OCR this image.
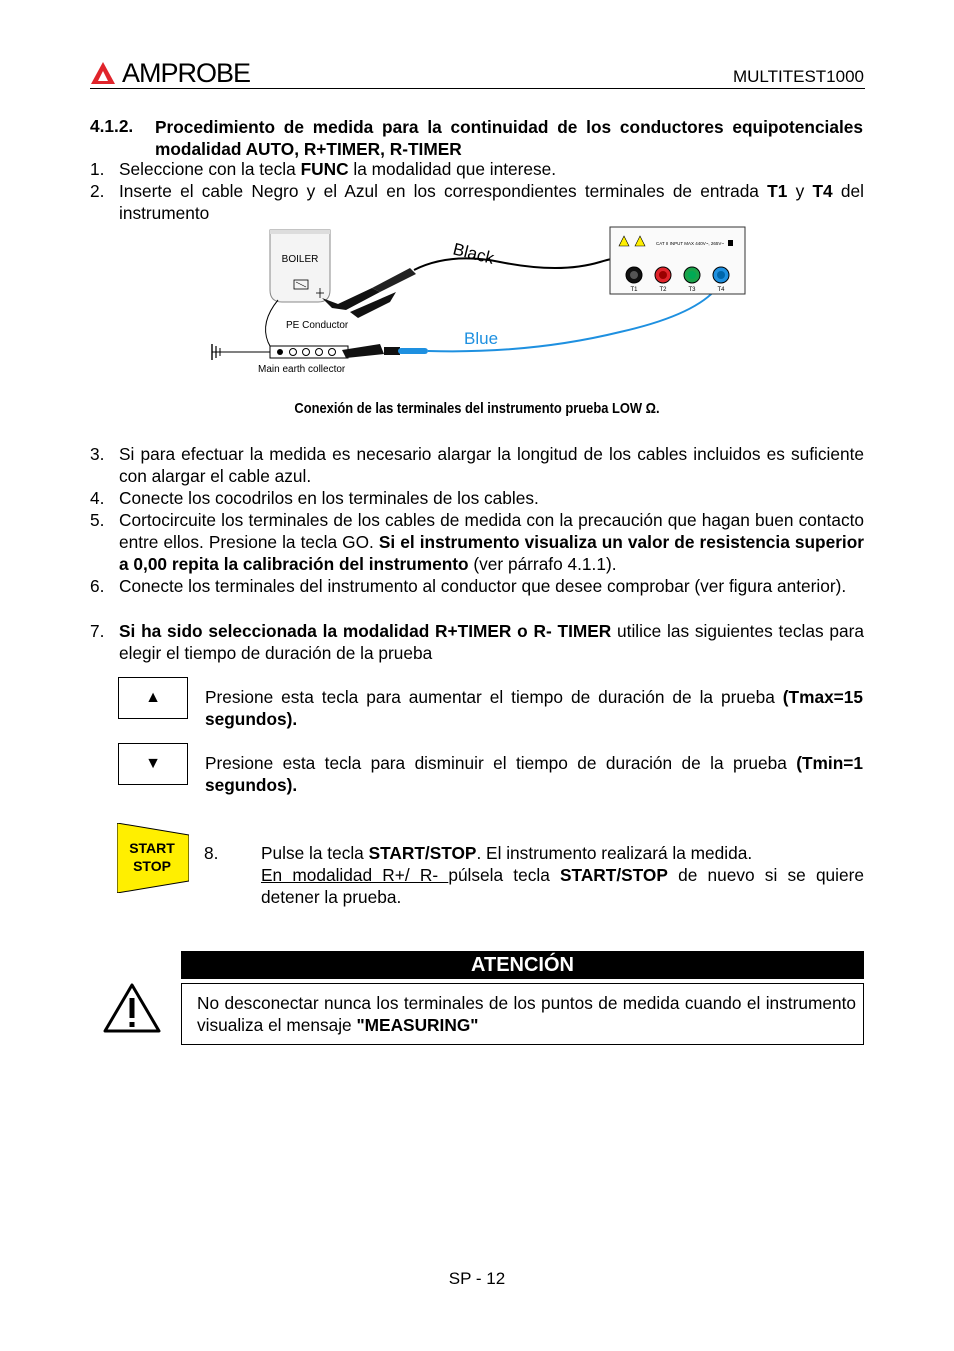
AMPROBE	MULTITEST1000
4.1.2. Procedimiento de medida para la continuidad de los conductores equipotenciales modalidad AUTO, R+TIMER, R-TIMER
1. Seleccione con la tecla FUNC la modalidad que interese.
2. Inserte el cable Negro y el Azul en los correspondientes terminales de entrada T1 y T4 del instrumento
BOILER
PE Conductor
Main earth collector
Black
Blue
CAT II INPUT MAX 440V~, 265V~
T1	T2	T3	T4
Conexión de las terminales del instrumento prueba LOW Ω.
3. Si para efectuar la medida es necesario alargar la longitud de los cables incluidos es suficiente con alargar el cable azul.
4. Conecte los cocodrilos en los terminales de los cables.
5. Cortocircuite los terminales de los cables de medida con la precaución que hagan buen contacto entre ellos. Presione la tecla GO. Si el instrumento visualiza un valor de resistencia superior a 0,00 repita la calibración del instrumento (ver párrafo 4.1.1).
6. Conecte los terminales del instrumento al conductor que desee comprobar (ver figura anterior).
7. Si ha sido seleccionada la modalidad R+TIMER o R- TIMER utilice las siguientes teclas para elegir el tiempo de duración de la prueba
▲	Presione esta tecla para aumentar el tiempo de duración de la prueba (Tmax=15 segundos).
▼	Presione esta tecla para disminuir el tiempo de duración de la prueba (Tmin=1 segundos).
START
STOP
8. Pulse la tecla START/STOP. El instrumento realizará la medida.
En modalidad R+/ R- púlsela tecla START/STOP de nuevo si se quiere detener la prueba.
ATENCIÓN
No desconectar nunca los terminales de los puntos de medida cuando el instrumento visualiza el mensaje "MEASURING"
SP - 12
